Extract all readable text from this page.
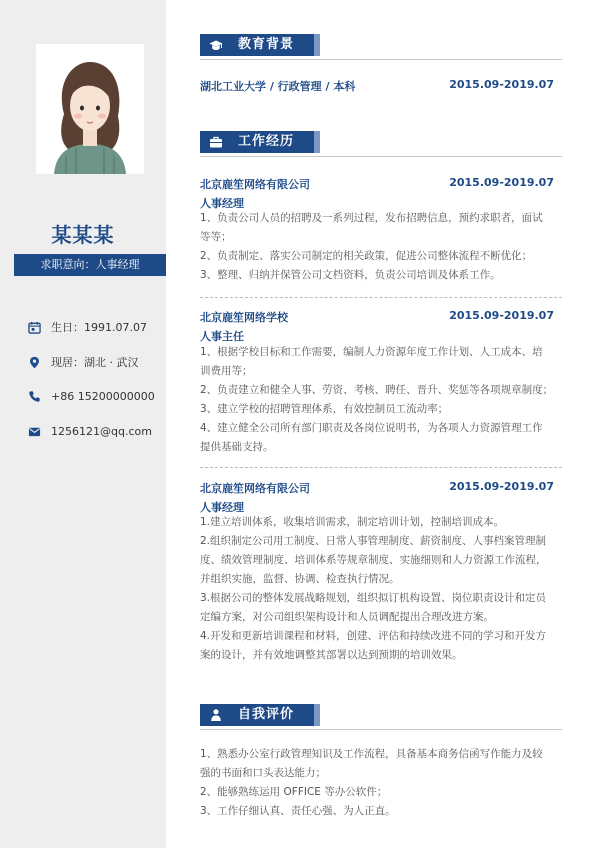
某某某
求职意向：人事经理
生日：1991.07.07
现居：湖北 · 武汉
+86 15200000000
1256121@qq.com
教育背景
湖北工业大学 / 行政管理 / 本科	2015.09-2019.07
工作经历
北京鹿笙网络有限公司	2015.09-2019.07
人事经理
1、负责公司人员的招聘及一系列过程，发布招聘信息，预约求职者，面试
等等；
2、负责制定、落实公司制定的相关政策，促进公司整体流程不断优化；
3、整理、归纳并保管公司文档资料，负责公司培训及体系工作。
北京鹿笙网络学校	2015.09-2019.07
人事主任
1、根据学校目标和工作需要，编制人力资源年度工作计划、人工成本、培
训费用等；
2、负责建立和健全人事、劳资、考核、聘任、晋升、奖惩等各项规章制度；
3、建立学校的招聘管理体系，有效控制员工流动率；
4、建立健全公司所有部门职责及各岗位说明书，为各项人力资源管理工作
提供基础支持。
北京鹿笙网络有限公司	2015.09-2019.07
人事经理
1.建立培训体系，收集培训需求，制定培训计划，控制培训成本。
2.组织制定公司用工制度、日常人事管理制度、薪资制度、人事档案管理制
度、绩效管理制度、培训体系等规章制度、实施细则和人力资源工作流程，
并组织实施，监督、协调、检查执行情况。
3.根据公司的整体发展战略规划，组织拟订机构设置、岗位职责设计和定员
定编方案，对公司组织架构设计和人员调配提出合理改进方案。
4.开发和更新培训课程和材料，创建、评估和持续改进不同的学习和开发方
案的设计，并有效地调整其部署以达到预期的培训效果。
自我评价
1、熟悉办公室行政管理知识及工作流程，具备基本商务信函写作能力及较
强的书面和口头表达能力；
2、能够熟练运用 OFFICE 等办公软件；
3、工作仔细认真、责任心强、为人正直。
